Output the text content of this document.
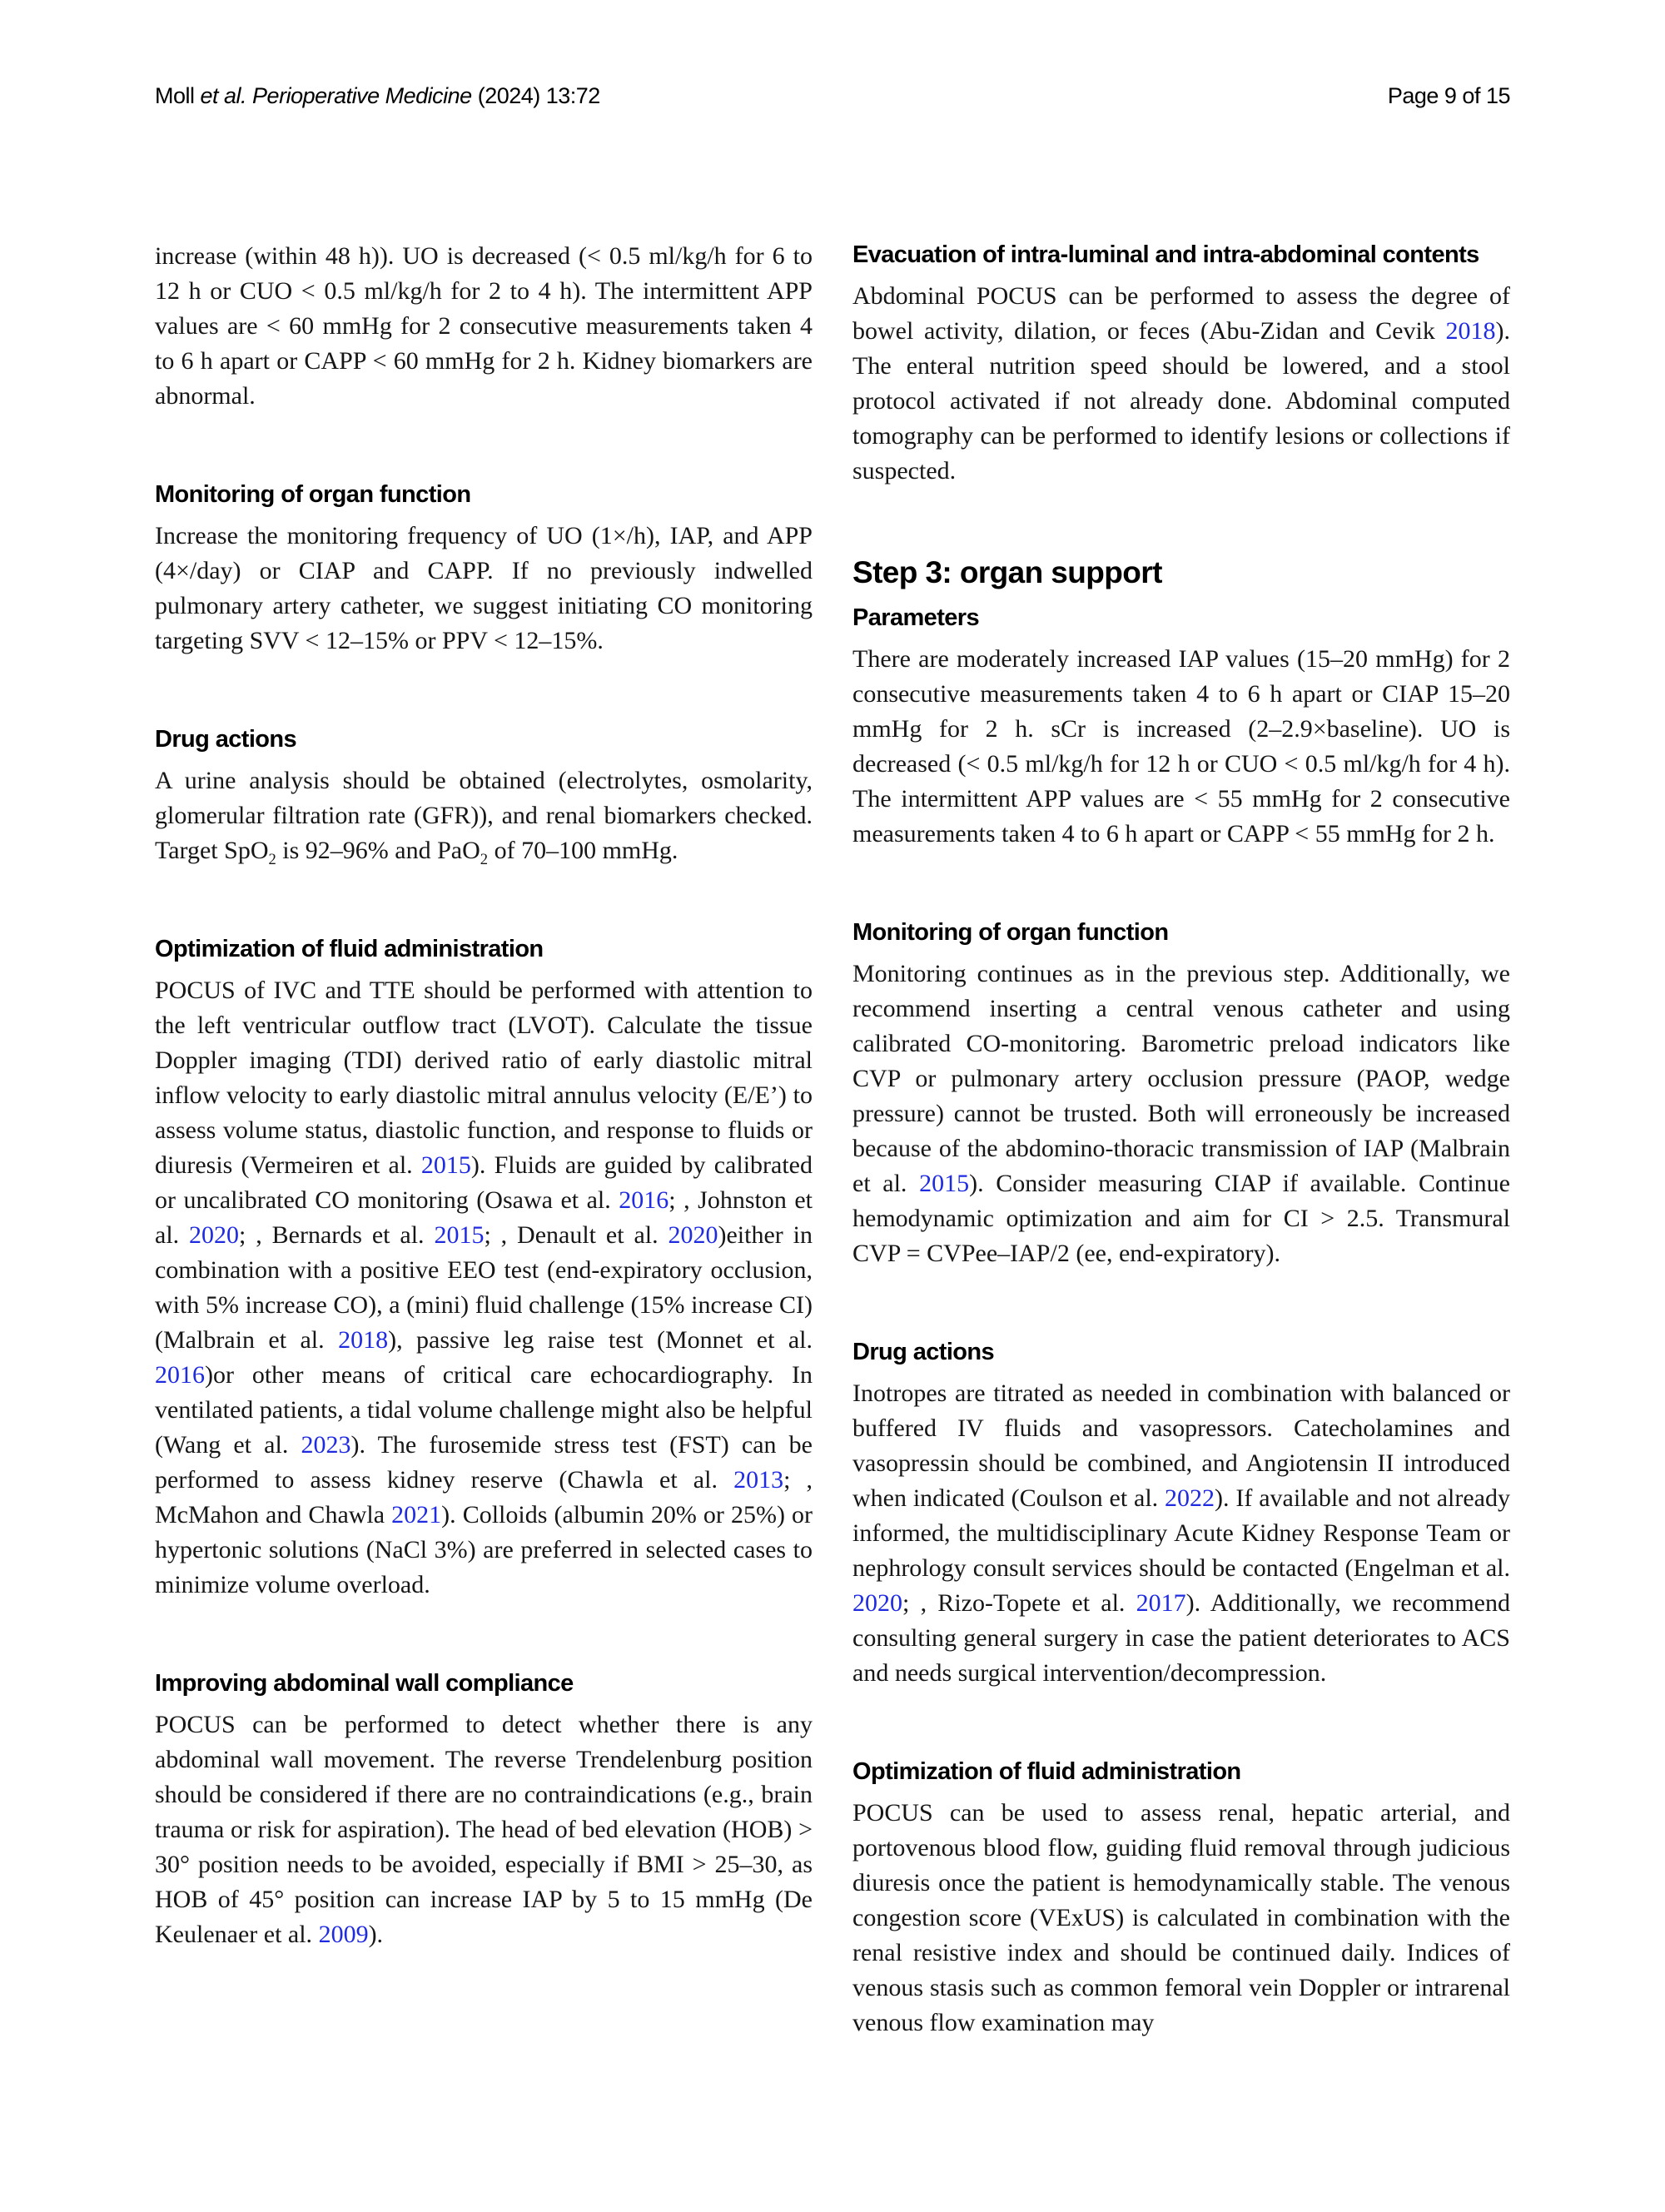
Moll et al. Perioperative Medicine (2024) 13:72	Page 9 of 15

increase (within 48 h)). UO is decreased (< 0.5 ml/kg/h for 6 to 12 h or CUO < 0.5 ml/kg/h for 2 to 4 h). The intermittent APP values are < 60 mmHg for 2 consecutive measurements taken 4 to 6 h apart or CAPP < 60 mmHg for 2 h. Kidney biomarkers are abnormal.

Monitoring of organ function

Increase the monitoring frequency of UO (1×/h), IAP, and APP (4×/day) or CIAP and CAPP. If no previously indwelled pulmonary artery catheter, we suggest initiating CO monitoring targeting SVV < 12–15% or PPV < 12–15%.

Drug actions

A urine analysis should be obtained (electrolytes, osmolarity, glomerular filtration rate (GFR)), and renal biomarkers checked. Target SpO$_2$ is 92–96% and PaO$_2$ of 70–100 mmHg.

Optimization of fluid administration

POCUS of IVC and TTE should be performed with attention to the left ventricular outflow tract (LVOT). Calculate the tissue Doppler imaging (TDI) derived ratio of early diastolic mitral inflow velocity to early diastolic mitral annulus velocity (E/E’) to assess volume status, diastolic function, and response to fluids or diuresis (Vermeiren et al. 2015). Fluids are guided by calibrated or uncalibrated CO monitoring (Osawa et al. 2016; , Johnston et al. 2020; , Bernards et al. 2015; , Denault et al. 2020)either in combination with a positive EEO test (end-expiratory occlusion, with 5% increase CO), a (mini) fluid challenge (15% increase CI) (Malbrain et al. 2018), passive leg raise test (Monnet et al. 2016)or other means of critical care echocardiography. In ventilated patients, a tidal volume challenge might also be helpful (Wang et al. 2023). The furosemide stress test (FST) can be performed to assess kidney reserve (Chawla et al. 2013; , McMahon and Chawla 2021). Colloids (albumin 20% or 25%) or hypertonic solutions (NaCl 3%) are preferred in selected cases to minimize volume overload.

Improving abdominal wall compliance

POCUS can be performed to detect whether there is any abdominal wall movement. The reverse Trendelenburg position should be considered if there are no contraindications (e.g., brain trauma or risk for aspiration). The head of bed elevation (HOB) > 30° position needs to be avoided, especially if BMI > 25–30, as HOB of 45° position can increase IAP by 5 to 15 mmHg (De Keulenaer et al. 2009).

Evacuation of intra-luminal and intra-abdominal contents

Abdominal POCUS can be performed to assess the degree of bowel activity, dilation, or feces (Abu-Zidan and Cevik 2018). The enteral nutrition speed should be lowered, and a stool protocol activated if not already done. Abdominal computed tomography can be performed to identify lesions or collections if suspected.

Step 3: organ support
Parameters

There are moderately increased IAP values (15–20 mmHg) for 2 consecutive measurements taken 4 to 6 h apart or CIAP 15–20 mmHg for 2 h. sCr is increased (2–2.9×baseline). UO is decreased (< 0.5 ml/kg/h for 12 h or CUO < 0.5 ml/kg/h for 4 h). The intermittent APP values are < 55 mmHg for 2 consecutive measurements taken 4 to 6 h apart or CAPP < 55 mmHg for 2 h.

Monitoring of organ function

Monitoring continues as in the previous step. Additionally, we recommend inserting a central venous catheter and using calibrated CO-monitoring. Barometric preload indicators like CVP or pulmonary artery occlusion pressure (PAOP, wedge pressure) cannot be trusted. Both will erroneously be increased because of the abdomino-thoracic transmission of IAP (Malbrain et al. 2015). Consider measuring CIAP if available. Continue hemodynamic optimization and aim for CI > 2.5. Transmural CVP = CVPee–IAP/2 (ee, end-expiratory).

Drug actions

Inotropes are titrated as needed in combination with balanced or buffered IV fluids and vasopressors. Catecholamines and vasopressin should be combined, and Angiotensin II introduced when indicated (Coulson et al. 2022). If available and not already informed, the multidisciplinary Acute Kidney Response Team or nephrology consult services should be contacted (Engelman et al. 2020; , Rizo-Topete et al. 2017). Additionally, we recommend consulting general surgery in case the patient deteriorates to ACS and needs surgical intervention/decompression.

Optimization of fluid administration

POCUS can be used to assess renal, hepatic arterial, and portovenous blood flow, guiding fluid removal through judicious diuresis once the patient is hemodynamically stable. The venous congestion score (VExUS) is calculated in combination with the renal resistive index and should be continued daily. Indices of venous stasis such as common femoral vein Doppler or intrarenal venous flow examination may
